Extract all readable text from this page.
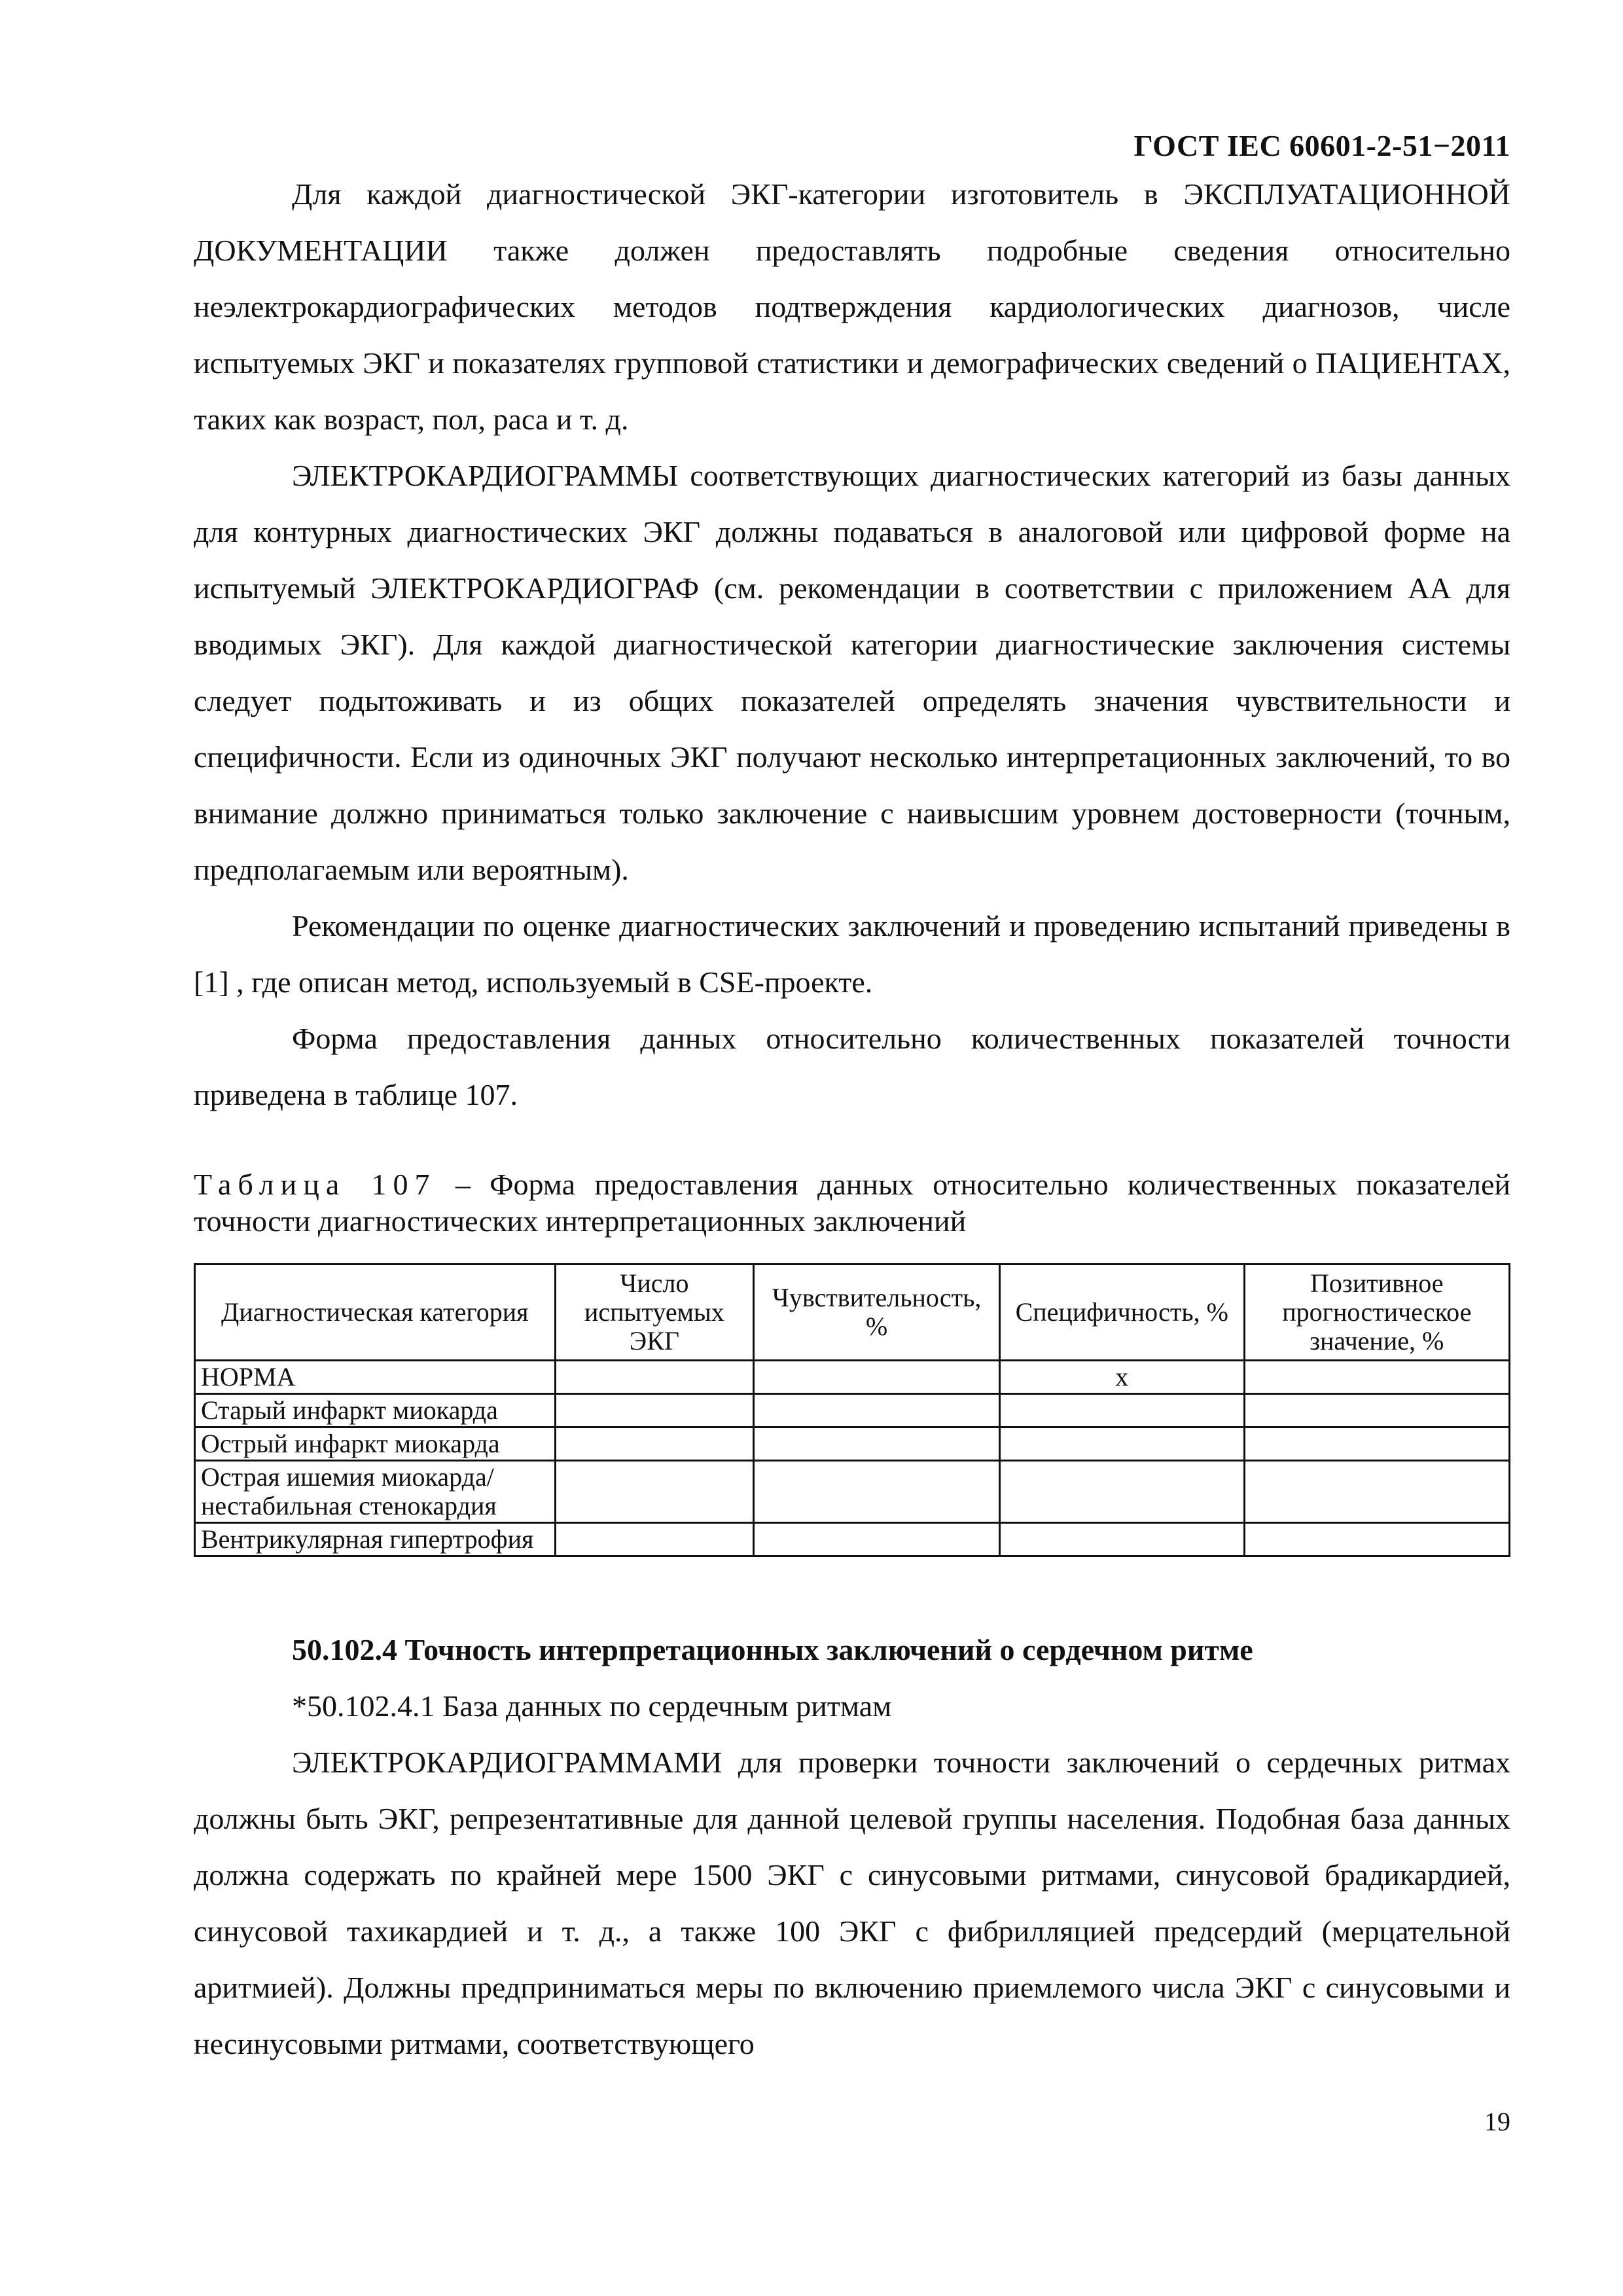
ГОСТ IEC 60601-2-51−2011

Для каждой диагностической ЭКГ-категории изготовитель в ЭКСПЛУАТАЦИОННОЙ ДОКУМЕНТАЦИИ также должен предоставлять подробные сведения относительно неэлектрокардиографических методов подтверждения кардиологических диагнозов, числе испытуемых ЭКГ и показателях групповой статистики и демографических сведений о ПАЦИЕНТАХ, таких как возраст, пол, раса и т. д.

ЭЛЕКТРОКАРДИОГРАММЫ соответствующих диагностических категорий из базы данных для контурных диагностических ЭКГ должны подаваться в аналоговой или цифровой форме на испытуемый ЭЛЕКТРОКАРДИОГРАФ (см. рекомендации в соответствии с приложением АА для вводимых ЭКГ). Для каждой диагностической категории диагностические заключения системы следует подытоживать и из общих показателей определять значения чувствительности и специфичности. Если из одиночных ЭКГ получают несколько интерпретационных заключений, то во внимание должно приниматься только заключение с наивысшим уровнем достоверности (точным, предполагаемым или вероятным).

Рекомендации по оценке диагностических заключений и проведению испытаний приведены в [1] , где описан метод, используемый в CSE-проекте.

Форма предоставления данных относительно количественных показателей точности приведена в таблице 107.

Таблица 107 – Форма предоставления данных относительно количественных показателей точности диагностических интерпретационных заключений
Диагностическая категория	Число испытуемых ЭКГ	Чувствительность, %	Специфичность, %	Позитивное прогностическое значение, %
НОРМА			x	
Старый инфаркт миокарда				
Острый инфаркт миокарда				
Острая ишемия миокарда/ нестабильная стенокардия				
Вентрикулярная гипертрофия				
50.102.4 Точность интерпретационных заключений о сердечном ритме
*50.102.4.1 База данных по сердечным ритмам

ЭЛЕКТРОКАРДИОГРАММАМИ для проверки точности заключений о сердечных ритмах должны быть ЭКГ, репрезентативные для данной целевой группы населения. Подобная база данных должна содержать по крайней мере 1500 ЭКГ с синусовыми ритмами, синусовой брадикардией, синусовой тахикардией и т. д., а также 100 ЭКГ с фибрилляцией предсердий (мерцательной аритмией). Должны предприниматься меры по включению приемлемого числа ЭКГ с синусовыми и несинусовыми ритмами, соответствующего

19
